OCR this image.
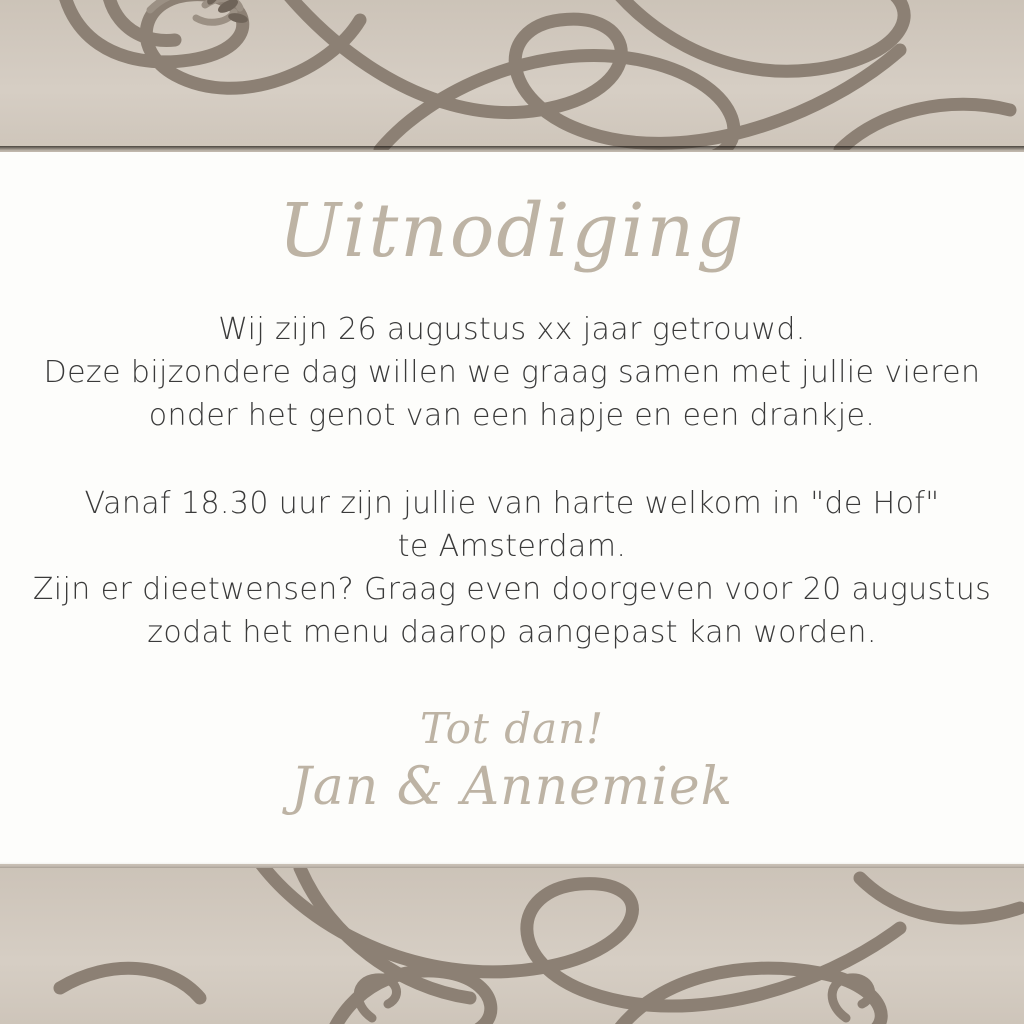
Uitnodiging
Wij zijn 26 augustus xx jaar getrouwd.
Deze bijzondere dag willen we graag samen met jullie vieren
onder het genot van een hapje en een drankje.
Vanaf 18.30 uur zijn jullie van harte welkom in "de Hof"
te Amsterdam.
Zijn er dieetwensen? Graag even doorgeven voor 20 augustus
zodat het menu daarop aangepast kan worden.
Tot dan!
Jan & Annemiek
